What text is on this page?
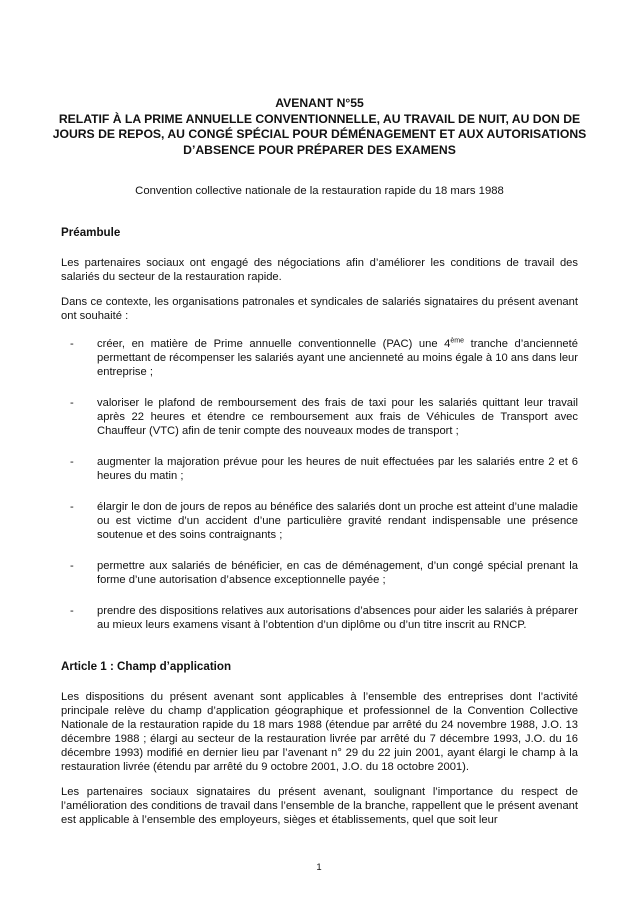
AVENANT N°55
RELATIF À LA PRIME ANNUELLE CONVENTIONNELLE, AU TRAVAIL DE NUIT, AU DON DE JOURS DE REPOS, AU CONGÉ SPÉCIAL POUR DÉMÉNAGEMENT ET AUX AUTORISATIONS D’ABSENCE POUR PRÉPARER DES EXAMENS

Convention collective nationale de la restauration rapide du 18 mars 1988

Préambule

Les partenaires sociaux ont engagé des négociations afin d’améliorer les conditions de travail des salariés du secteur de la restauration rapide.

Dans ce contexte, les organisations patronales et syndicales de salariés signataires du présent avenant ont souhaité :

- créer, en matière de Prime annuelle conventionnelle (PAC) une 4ème tranche d’ancienneté permettant de récompenser les salariés ayant une ancienneté au moins égale à 10 ans dans leur entreprise ;
- valoriser le plafond de remboursement des frais de taxi pour les salariés quittant leur travail après 22 heures et étendre ce remboursement aux frais de Véhicules de Transport avec Chauffeur (VTC) afin de tenir compte des nouveaux modes de transport ;
- augmenter la majoration prévue pour les heures de nuit effectuées par les salariés entre 2 et 6 heures du matin ;
- élargir le don de jours de repos au bénéfice des salariés dont un proche est atteint d’une maladie ou est victime d’un accident d’une particulière gravité rendant indispensable une présence soutenue et des soins contraignants ;
- permettre aux salariés de bénéficier, en cas de déménagement, d’un congé spécial prenant la forme d’une autorisation d’absence exceptionnelle payée ;
- prendre des dispositions relatives aux autorisations d’absences pour aider les salariés à préparer au mieux leurs examens visant à l’obtention d’un diplôme ou d’un titre inscrit au RNCP.
Article 1 : Champ d’application

Les dispositions du présent avenant sont applicables à l’ensemble des entreprises dont l’activité principale relève du champ d’application géographique et professionnel de la Convention Collective Nationale de la restauration rapide du 18 mars 1988 (étendue par arrêté du 24 novembre 1988, J.O. 13 décembre 1988 ; élargi au secteur de la restauration livrée par arrêté du 7 décembre 1993, J.O. du 16 décembre 1993) modifié en dernier lieu par l’avenant n° 29 du 22 juin 2001, ayant élargi le champ à la restauration livrée (étendu par arrêté du 9 octobre 2001, J.O. du 18 octobre 2001).

Les partenaires sociaux signataires du présent avenant, soulignant l’importance du respect de l’amélioration des conditions de travail dans l’ensemble de la branche, rappellent que le présent avenant est applicable à l’ensemble des employeurs, sièges et établissements, quel que soit leur

1
